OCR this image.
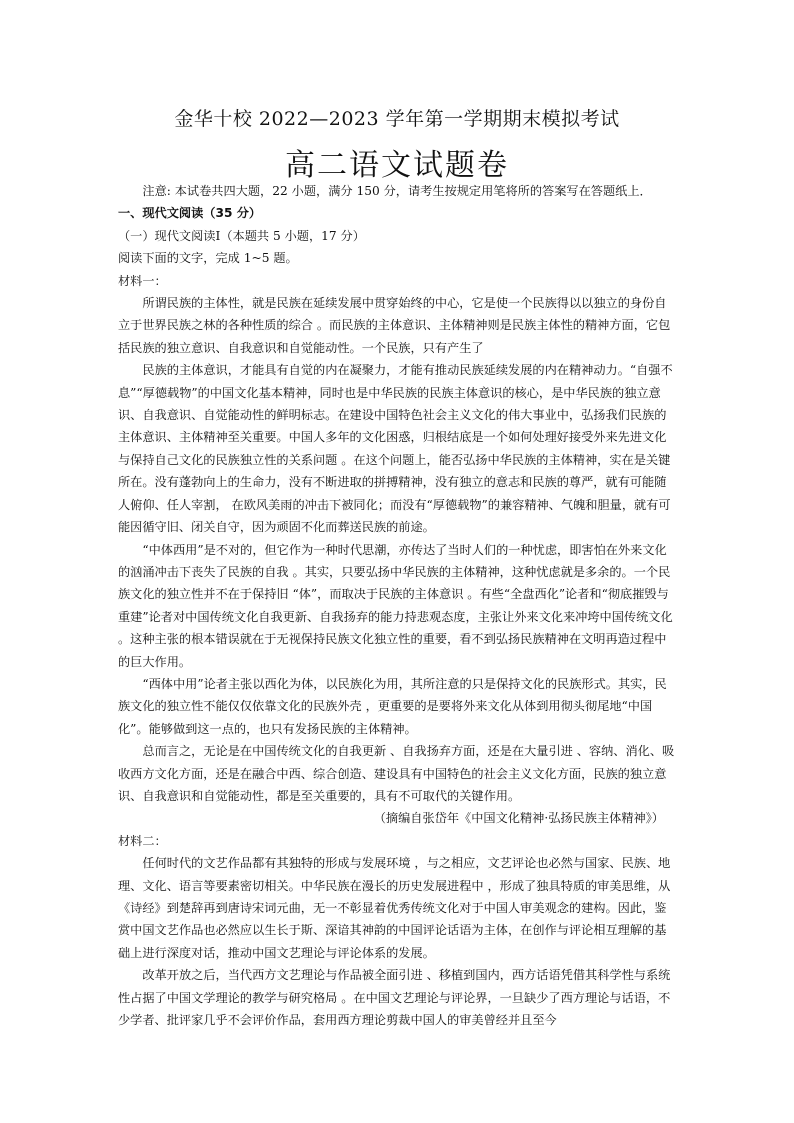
金华十校 2022—2023 学年第一学期期末模拟考试
高二语文试题卷

注意: 本试卷共四大题，22 小题，满分 150 分，请考生按规定用笔将所的答案写在答题纸上．

一、现代文阅读（35 分）

（一）现代文阅读Ⅰ（本题共 5 小题，17 分）

阅读下面的文字，完成 1~5 题。

材料一：

所谓民族的主体性，就是民族在延续发展中贯穿始终的中心，它是使一个民族得以以独立的身份自立于世界民族之林的各种性质的综合 。而民族的主体意识、主体精神则是民族主体性的精神方面，它包括民族的独立意识、自我意识和自觉能动性。一个民族，只有产生了

民族的主体意识，才能具有自觉的内在凝聚力，才能有推动民族延续发展的内在精神动力。“自强不息”“厚德载物”的中国文化基本精神，同时也是中华民族的民族主体意识的核心，是中华民族的独立意识、自我意识、自觉能动性的鲜明标志。在建设中国特色社会主义文化的伟大事业中，弘扬我们民族的主体意识、主体精神至关重要。中国人多年的文化困惑，归根结底是一个如何处理好接受外来先进文化与保持自己文化的民族独立性的关系问题 。在这个问题上，能否弘扬中华民族的主体精神，实在是关键所在。没有蓬勃向上的生命力，没有不断进取的拼搏精神，没有独立的意志和民族的尊严，就有可能随人俯仰、任人宰割， 在欧风美雨的冲击下被同化；而没有“厚德载物”的兼容精神、气魄和胆量，就有可能因循守旧、闭关自守，因为顽固不化而葬送民族的前途。

“中体西用”是不对的，但它作为一种时代思潮，亦传达了当时人们的一种忧虑，即害怕在外来文化的汹涌冲击下丧失了民族的自我 。其实，只要弘扬中华民族的主体精神，这种忧虑就是多余的。一个民族文化的独立性并不在于保持旧 “体”，而取决于民族的主体意识 。有些“全盘西化”论者和“彻底摧毁与重建”论者对中国传统文化自我更新、自我扬弃的能力持悲观态度，主张让外来文化来冲垮中国传统文化 。这种主张的根本错误就在于无视保持民族文化独立性的重要，看不到弘扬民族精神在文明再造过程中的巨大作用。

“西体中用”论者主张以西化为体，以民族化为用，其所注意的只是保持文化的民族形式。其实，民族文化的独立性不能仅仅依靠文化的民族外壳 ，更重要的是要将外来文化从体到用彻头彻尾地“中国化”。能够做到这一点的，也只有发扬民族的主体精神。

总而言之，无论是在中国传统文化的自我更新 、自我扬弃方面，还是在大量引进 、容纳、消化、吸收西方文化方面，还是在融合中西、综合创造、建设具有中国特色的社会主义文化方面，民族的独立意识、自我意识和自觉能动性，都是至关重要的，具有不可取代的关键作用。

（摘编自张岱年《中国文化精神·弘扬民族主体精神》）

材料二：

任何时代的文艺作品都有其独特的形成与发展环境 ，与之相应，文艺评论也必然与国家、民族、地理、文化、语言等要素密切相关。中华民族在漫长的历史发展进程中 ，形成了独具特质的审美思维，从《诗经》到楚辞再到唐诗宋词元曲，无一不彰显着优秀传统文化对于中国人审美观念的建构。因此，鉴赏中国文艺作品也必然应以生长于斯、深谙其神韵的中国评论话语为主体，在创作与评论相互理解的基础上进行深度对话，推动中国文艺理论与评论体系的发展。

改革开放之后，当代西方文艺理论与作品被全面引进 、移植到国内，西方话语凭借其科学性与系统性占据了中国文学理论的教学与研究格局 。在中国文艺理论与评论界，一旦缺少了西方理论与话语，不少学者、批评家几乎不会评价作品，套用西方理论剪裁中国人的审美曾经并且至今
